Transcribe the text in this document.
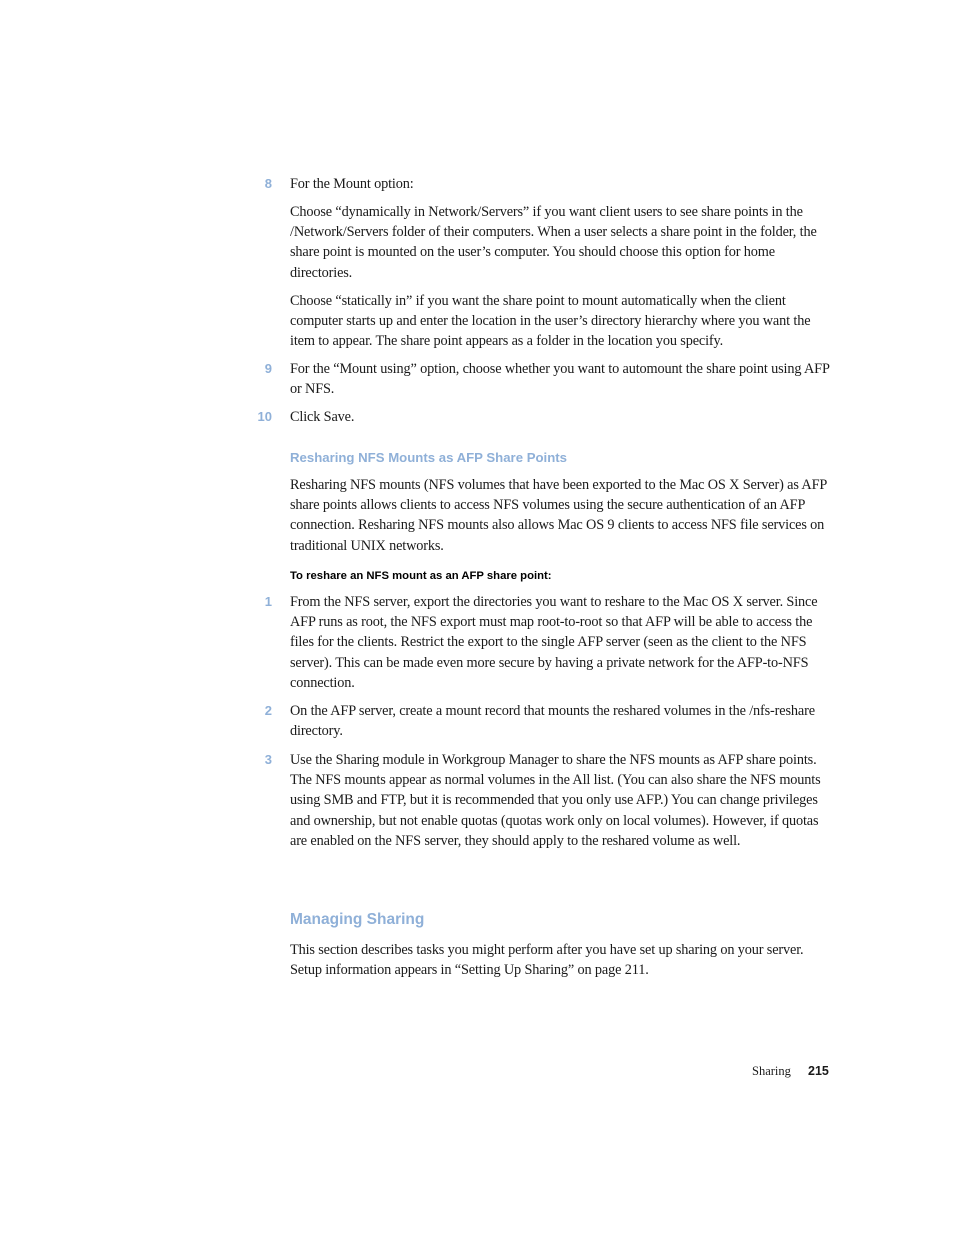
8 For the Mount option:
Choose “dynamically in Network/Servers” if you want client users to see share points in the /Network/Servers folder of their computers. When a user selects a share point in the folder, the share point is mounted on the user’s computer. You should choose this option for home directories.
Choose “statically in” if you want the share point to mount automatically when the client computer starts up and enter the location in the user’s directory hierarchy where you want the item to appear. The share point appears as a folder in the location you specify.
9 For the “Mount using” option, choose whether you want to automount the share point using AFP or NFS.
10 Click Save.
Resharing NFS Mounts as AFP Share Points
Resharing NFS mounts (NFS volumes that have been exported to the Mac OS X Server) as AFP share points allows clients to access NFS volumes using the secure authentication of an AFP connection. Resharing NFS mounts also allows Mac OS 9 clients to access NFS file services on traditional UNIX networks.
To reshare an NFS mount as an AFP share point:
1 From the NFS server, export the directories you want to reshare to the Mac OS X server. Since AFP runs as root, the NFS export must map root-to-root so that AFP will be able to access the files for the clients. Restrict the export to the single AFP server (seen as the client to the NFS server). This can be made even more secure by having a private network for the AFP-to-NFS connection.
2 On the AFP server, create a mount record that mounts the reshared volumes in the /nfs-reshare directory.
3 Use the Sharing module in Workgroup Manager to share the NFS mounts as AFP share points. The NFS mounts appear as normal volumes in the All list. (You can also share the NFS mounts using SMB and FTP, but it is recommended that you only use AFP.) You can change privileges and ownership, but not enable quotas (quotas work only on local volumes). However, if quotas are enabled on the NFS server, they should apply to the reshared volume as well.
Managing Sharing
This section describes tasks you might perform after you have set up sharing on your server. Setup information appears in “Setting Up Sharing” on page 211.
Sharing 215
